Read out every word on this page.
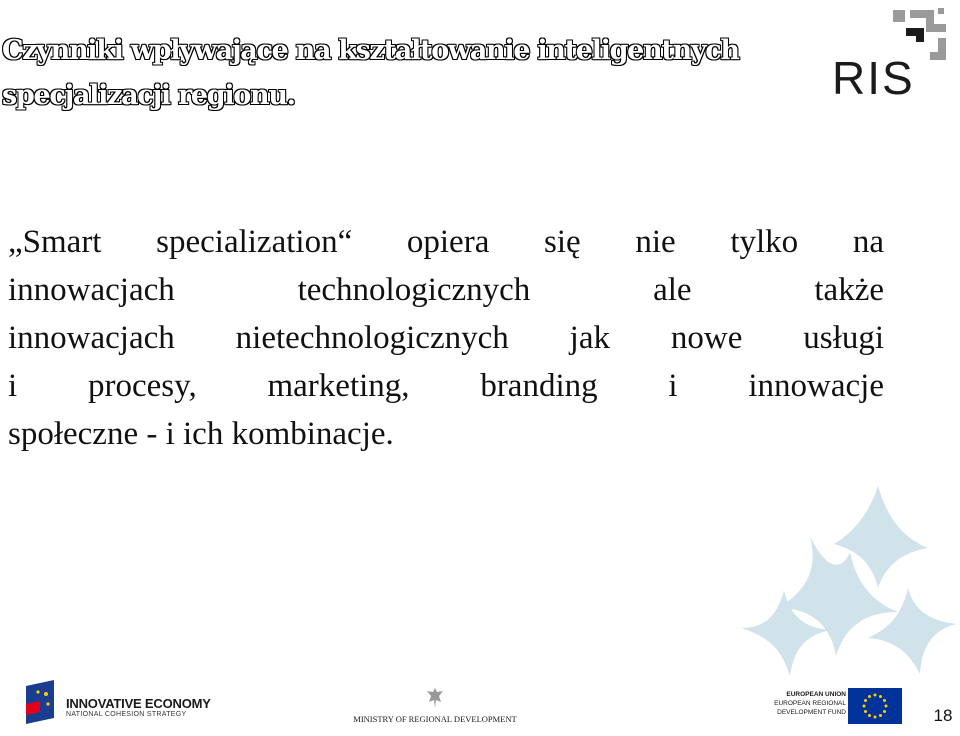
Czynniki wpływające na kształtowanie inteligentnych
specjalizacji regionu.	RIS
„Smart specialization“ opiera się nie tylko na
innowacjach technologicznych ale także
innowacjach nietechnologicznych jak nowe usługi
i procesy, marketing, branding i innowacje
społeczne - i ich kombinacje.
INNOVATIVE ECONOMY
NATIONAL COHESION STRATEGY	MINISTRY OF REGIONAL DEVELOPMENT
EUROPEAN UNION
EUROPEAN REGIONAL
DEVELOPMENT FUND	18
